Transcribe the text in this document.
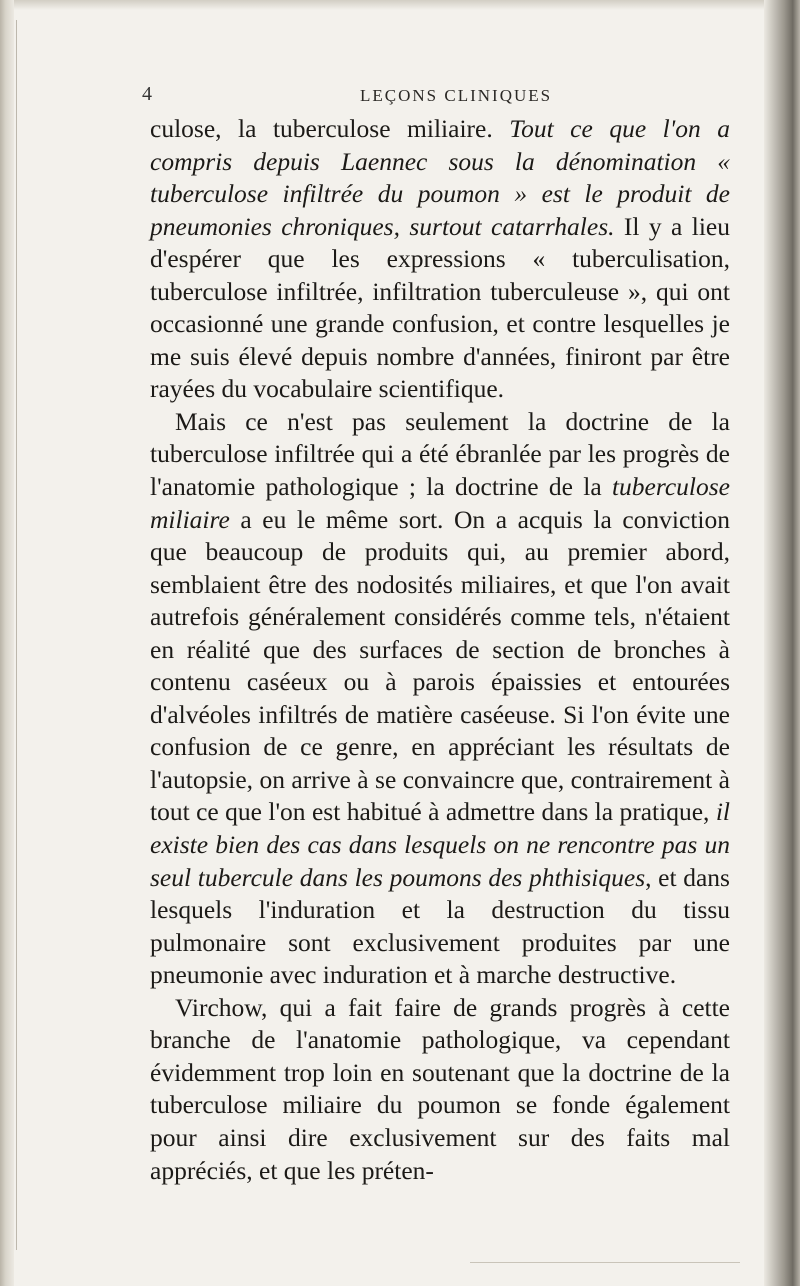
4	LEÇONS CLINIQUES

culose, la tuberculose miliaire. Tout ce que l'on a compris depuis Laennec sous la dénomination « tuberculose infiltrée du poumon » est le produit de pneumonies chroniques, surtout catarrhales. Il y a lieu d'espérer que les expressions « tuberculisation, tuberculose infiltrée, infiltration tuberculeuse », qui ont occasionné une grande confusion, et contre lesquelles je me suis élevé depuis nombre d'années, finiront par être rayées du vocabulaire scientifique.

Mais ce n'est pas seulement la doctrine de la tuberculose infiltrée qui a été ébranlée par les progrès de l'anatomie pathologique ; la doctrine de la tuberculose miliaire a eu le même sort. On a acquis la conviction que beaucoup de produits qui, au premier abord, semblaient être des nodosités miliaires, et que l'on avait autrefois généralement considérés comme tels, n'étaient en réalité que des surfaces de section de bronches à contenu caséeux ou à parois épaissies et entourées d'alvéoles infiltrés de matière caséeuse. Si l'on évite une confusion de ce genre, en appréciant les résultats de l'autopsie, on arrive à se convaincre que, contrairement à tout ce que l'on est habitué à admettre dans la pratique, il existe bien des cas dans lesquels on ne rencontre pas un seul tubercule dans les poumons des phthisiques, et dans lesquels l'induration et la destruction du tissu pulmonaire sont exclusivement produites par une pneumonie avec induration et à marche destructive.

Virchow, qui a fait faire de grands progrès à cette branche de l'anatomie pathologique, va cependant évidemment trop loin en soutenant que la doctrine de la tuberculose miliaire du poumon se fonde également pour ainsi dire exclusivement sur des faits mal appréciés, et que les préten-
